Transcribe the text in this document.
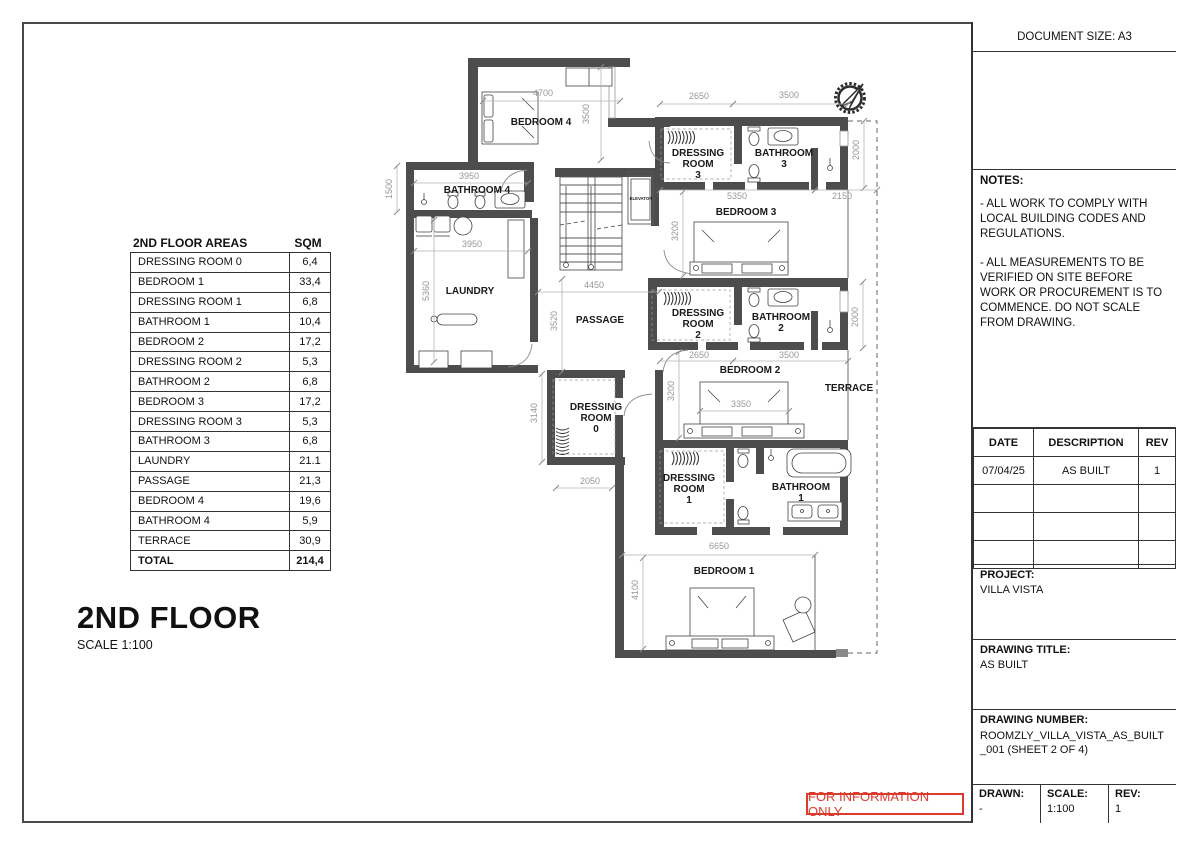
4700
3500
1500
3950
3950
5360
2650	3500
2000
5350	2150
3200
4450
3520
2650	3500
2000
3200
3350
3140
2050
6650
4100
BEDROOM 4
BATHROOM 4
LAUNDRY
PASSAGE
ELEVATOR
DRESSING ROOM 3
BATHROOM 3
BEDROOM 3
DRESSING ROOM 2
BATHROOM 2
BEDROOM 2
TERRACE
DRESSING ROOM 0
DRESSING ROOM 1
BATHROOM 1
BEDROOM 1
2ND FLOOR AREAS	SQM
DRESSING ROOM 0	6,4
BEDROOM 1	33,4
DRESSING ROOM 1	6,8
BATHROOM 1	10,4
BEDROOM 2	17,2
DRESSING ROOM 2	5,3
BATHROOM 2	6,8
BEDROOM 3	17,2
DRESSING ROOM 3	5,3
BATHROOM 3	6,8
LAUNDRY	21.1
PASSAGE	21,3
BEDROOM 4	19,6
BATHROOM 4	5,9
TERRACE	30,9
TOTAL	214,4
2ND FLOOR
SCALE 1:100
FOR INFORMATION ONLY
DOCUMENT SIZE: A3
NOTES:

- ALL WORK TO COMPLY WITH LOCAL BUILDING CODES AND REGULATIONS.

- ALL MEASUREMENTS TO BE VERIFIED ON SITE BEFORE WORK OR PROCUREMENT IS TO COMMENCE. DO NOT SCALE FROM DRAWING.

DATE	DESCRIPTION	REV
07/04/25	AS BUILT	1

PROJECT:
VILLA VISTA
DRAWING TITLE:
AS BUILT
DRAWING NUMBER:
ROOMZLY_VILLA_VISTA_AS_BUILT_001 (SHEET 2 OF 4)
DRAWN:
-
SCALE:
1:100
REV:
1
